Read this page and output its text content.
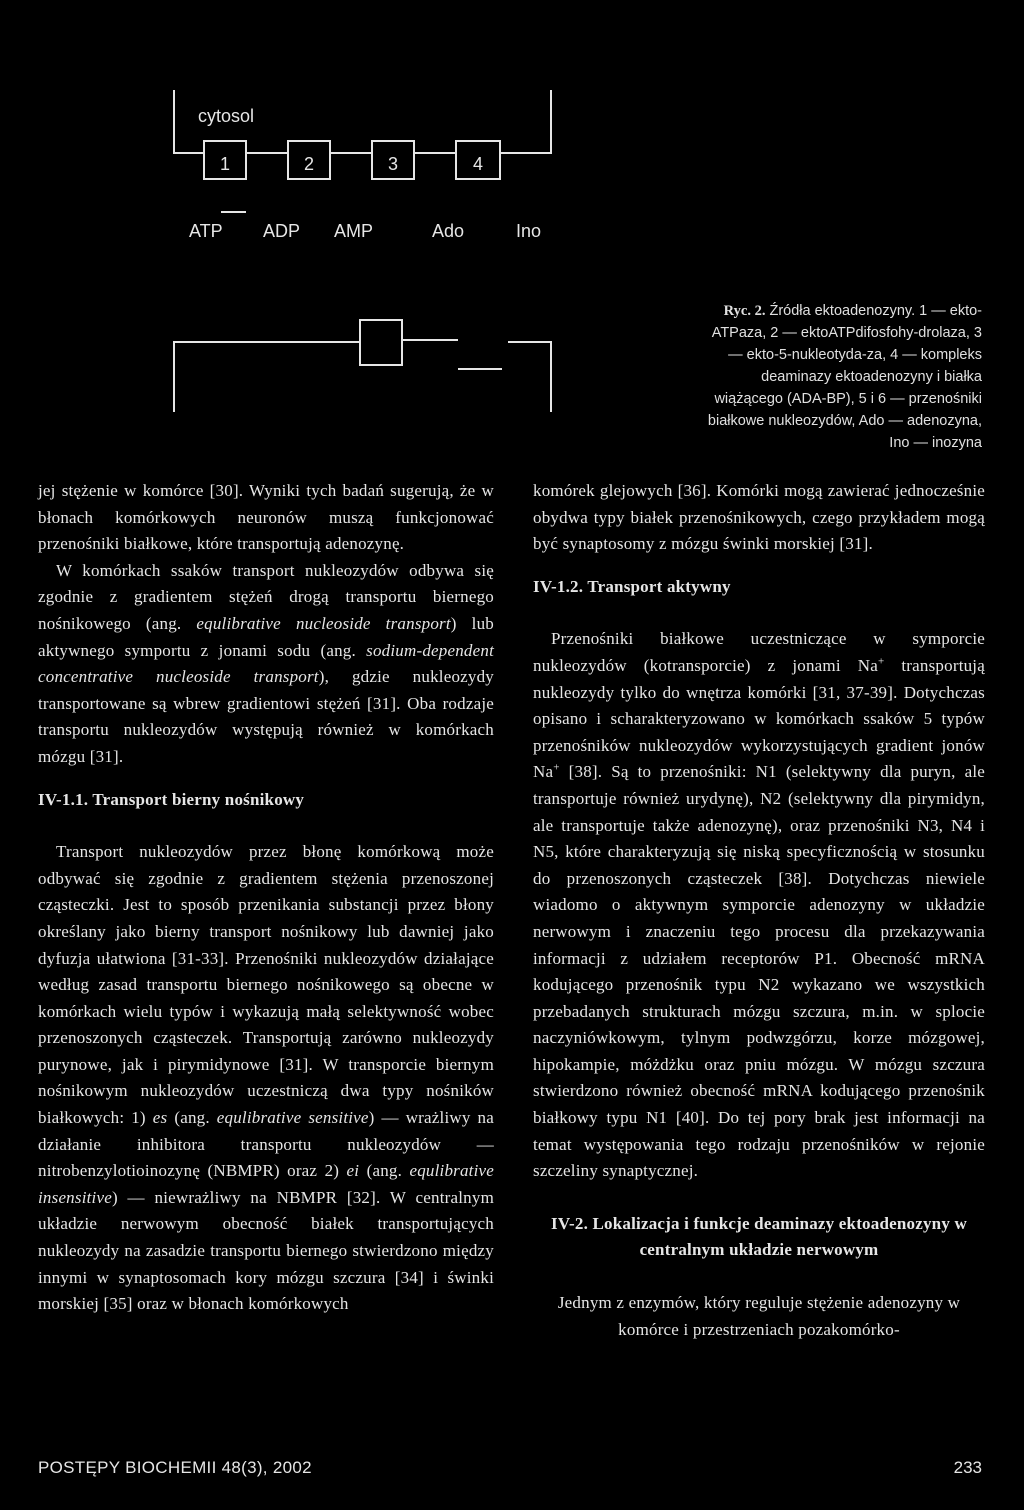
cytosol
1	2	3	4
ATP ADP AMP	Ado	Ino
Ryc. 2. Źródła ektoadenozyny. 1 — ekto-ATPaza, 2 — ektoATPdifosfohy-drolaza, 3 — ekto-5-nukleotyda-za, 4 — kompleks deaminazy ektoadenozyny i białka wiążącego (ADA-BP), 5 i 6 — przenośniki białkowe nukleozydów, Ado — adenozyna, Ino — inozyna

jej stężenie w komórce [30]. Wyniki tych badań sugerują, że w błonach komórkowych neuronów muszą funkcjonować przenośniki białkowe, które transportują adenozynę.

W komórkach ssaków transport nukleozydów odbywa się zgodnie z gradientem stężeń drogą transportu biernego nośnikowego (ang. equlibrative nucleoside transport) lub aktywnego symportu z jonami sodu (ang. sodium-dependent concentrative nucleoside transport), gdzie nukleozydy transportowane są wbrew gradientowi stężeń [31]. Oba rodzaje transportu nukleozydów występują również w komórkach mózgu [31].

IV-1.1. Transport bierny nośnikowy

Transport nukleozydów przez błonę komórkową może odbywać się zgodnie z gradientem stężenia przenoszonej cząsteczki. Jest to sposób przenikania substancji przez błony określany jako bierny transport nośnikowy lub dawniej jako dyfuzja ułatwiona [31-33]. Przenośniki nukleozydów działające według zasad transportu biernego nośnikowego są obecne w komórkach wielu typów i wykazują małą selektywność wobec przenoszonych cząsteczek. Transportują zarówno nukleozydy purynowe, jak i pirymidynowe [31]. W transporcie biernym nośnikowym nukleozydów uczestniczą dwa typy nośników białkowych: 1) es (ang. equlibrative sensitive) — wrażliwy na działanie inhibitora transportu nukleozydów — nitrobenzylotioinozynę (NBMPR) oraz 2) ei (ang. equlibrative insensitive) — niewrażliwy na NBMPR [32]. W centralnym układzie nerwowym obecność białek transportujących nukleozydy na zasadzie transportu biernego stwierdzono między innymi w synaptosomach kory mózgu szczura [34] i świnki morskiej [35] oraz w błonach komórkowych

komórek glejowych [36]. Komórki mogą zawierać jednocześnie obydwa typy białek przenośnikowych, czego przykładem mogą być synaptosomy z mózgu świnki morskiej [31].

IV-1.2. Transport aktywny

Przenośniki białkowe uczestniczące w symporcie nukleozydów (kotransporcie) z jonami Na+ transportują nukleozydy tylko do wnętrza komórki [31, 37-39]. Dotychczas opisano i scharakteryzowano w komórkach ssaków 5 typów przenośników nukleozydów wykorzystujących gradient jonów Na+ [38]. Są to przenośniki: N1 (selektywny dla puryn, ale transportuje również urydynę), N2 (selektywny dla pirymidyn, ale transportuje także adenozynę), oraz przenośniki N3, N4 i N5, które charakteryzują się niską specyficznością w stosunku do przenoszonych cząsteczek [38]. Dotychczas niewiele wiadomo o aktywnym symporcie adenozyny w układzie nerwowym i znaczeniu tego procesu dla przekazywania informacji z udziałem receptorów P1. Obecność mRNA kodującego przenośnik typu N2 wykazano we wszystkich przebadanych strukturach mózgu szczura, m.in. w splocie naczyniówkowym, tylnym podwzgórzu, korze mózgowej, hipokampie, móżdżku oraz pniu mózgu. W mózgu szczura stwierdzono również obecność mRNA kodującego przenośnik białkowy typu N1 [40]. Do tej pory brak jest informacji na temat występowania tego rodzaju przenośników w rejonie szczeliny synaptycznej.

IV-2. Lokalizacja i funkcje deaminazy ektoadenozyny w centralnym układzie nerwowym

Jednym z enzymów, który reguluje stężenie adenozyny w komórce i przestrzeniach pozakomórko-

POSTĘPY BIOCHEMII 48(3), 2002	233
